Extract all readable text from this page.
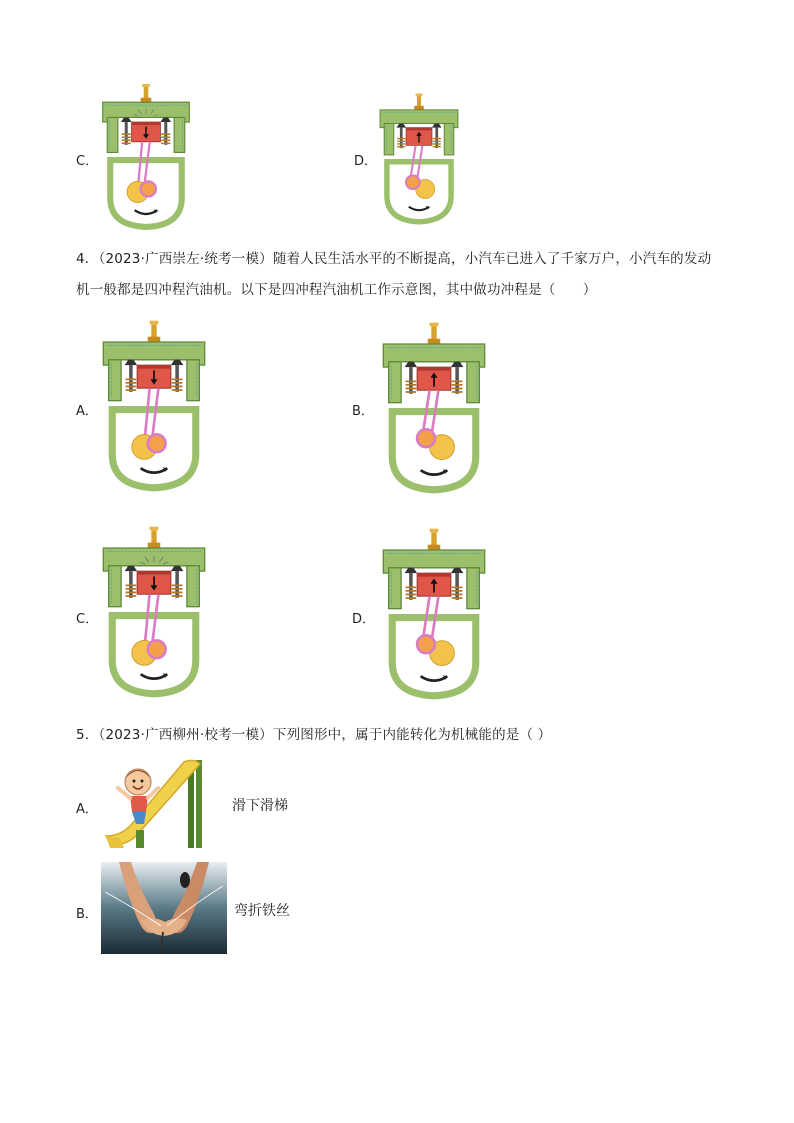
C．	D．
4．（2023·广西崇左·统考一模）随着人民生活水平的不断提高，小汽车已进入了千家万户，小汽车的发动
机一般都是四冲程汽油机。以下是四冲程汽油机工作示意图，其中做功冲程是（　　）
A．	B．
C．	D．
5．（2023·广西柳州·校考一模）下列图形中，属于内能转化为机械能的是（ ）
A．	滑下滑梯
B．	弯折铁丝
